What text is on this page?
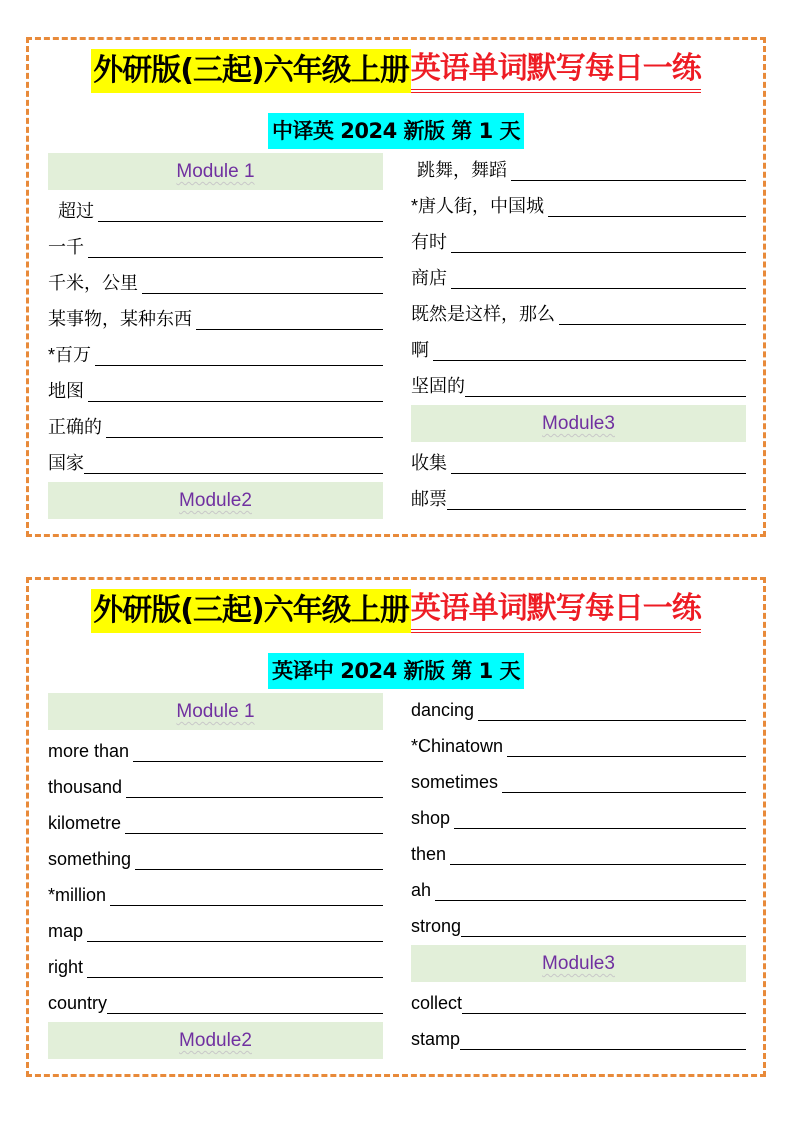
外研版(三起)六年级上册英语单词默写每日一练
中译英 2024 新版 第 1 天
Module 1
超过
一千
千米，公里
某事物，某种东西
*百万
地图
正确的
国家
Module2
跳舞，舞蹈
*唐人街，中国城
有时
商店
既然是这样，那么
啊
坚固的
Module3
收集
邮票
外研版(三起)六年级上册英语单词默写每日一练
英译中 2024 新版 第 1 天
Module 1
more than
thousand
kilometre
something
*million
map
right
country
Module2
dancing
*Chinatown
sometimes
shop
then
ah
strong
Module3
collect
stamp
